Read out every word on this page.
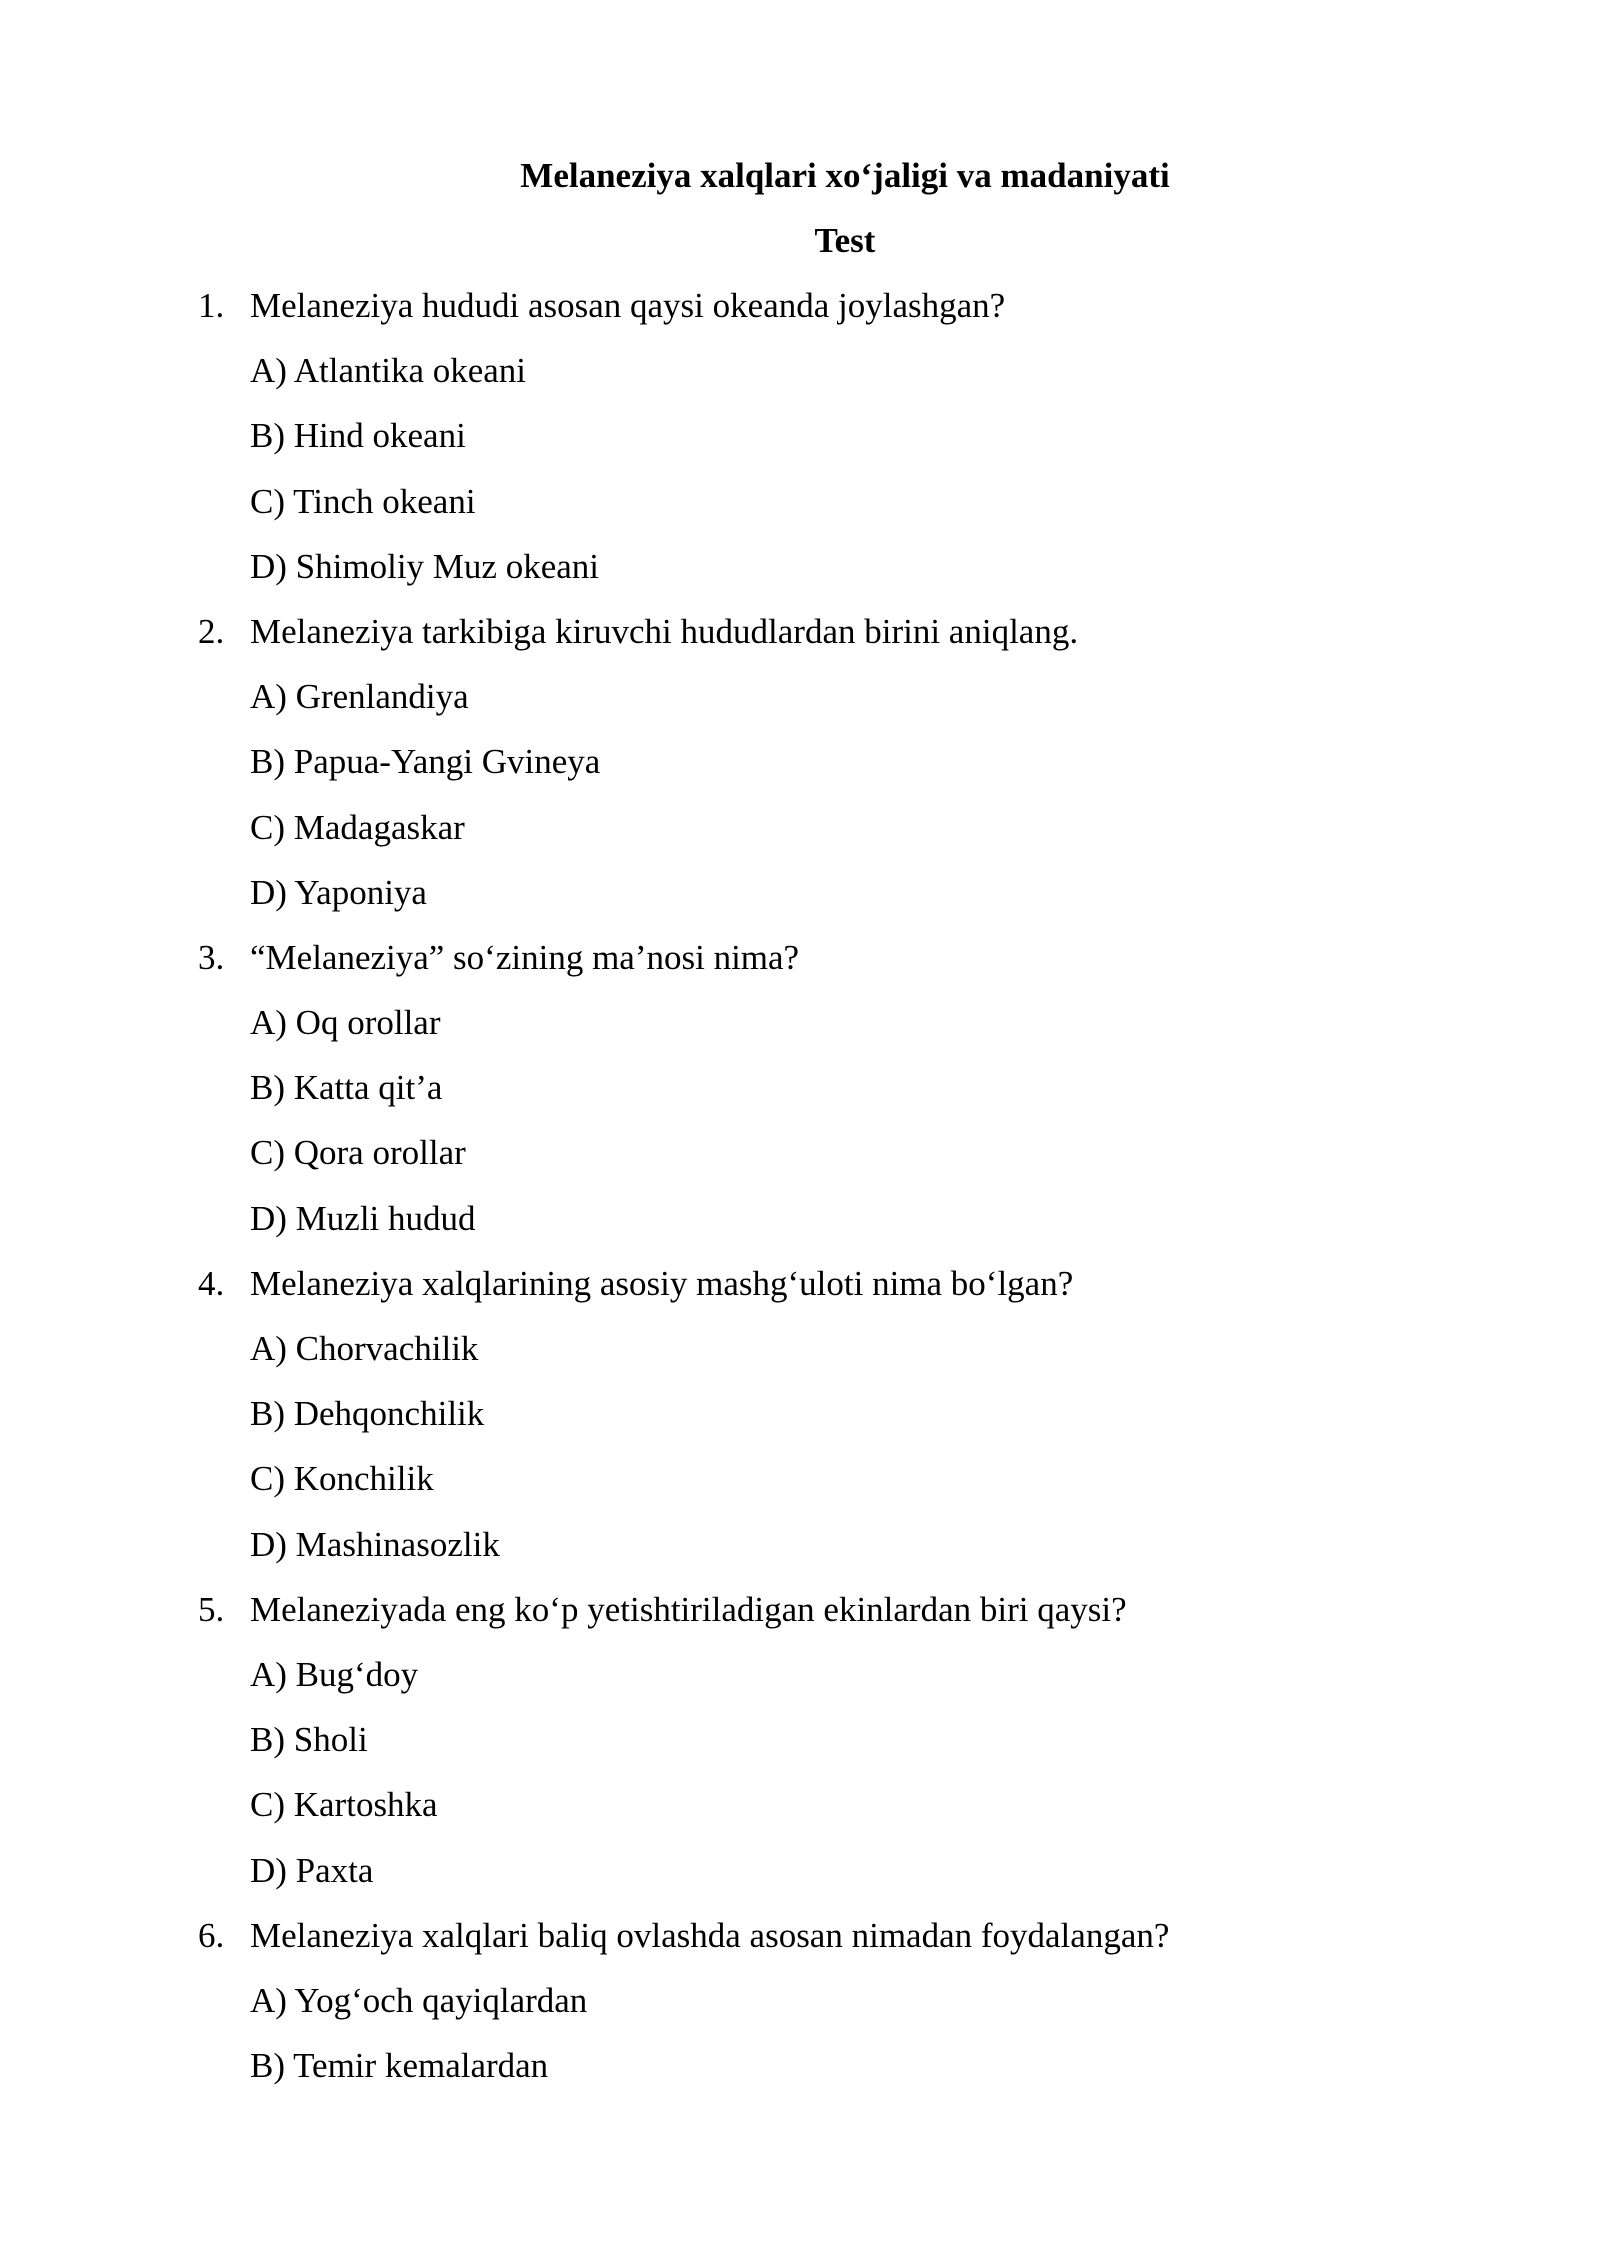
Melaneziya xalqlari xo‘jaligi va madaniyati
Test
1. Melaneziya hududi asosan qaysi okeanda joylashgan?
A) Atlantika okeani
B) Hind okeani
C) Tinch okeani
D) Shimoliy Muz okeani
2. Melaneziya tarkibiga kiruvchi hududlardan birini aniqlang.
A) Grenlandiya
B) Papua-Yangi Gvineya
C) Madagaskar
D) Yaponiya
3. “Melaneziya” so‘zining ma’nosi nima?
A) Oq orollar
B) Katta qit’a
C) Qora orollar
D) Muzli hudud
4. Melaneziya xalqlarining asosiy mashg‘uloti nima bo‘lgan?
A) Chorvachilik
B) Dehqonchilik
C) Konchilik
D) Mashinasozlik
5. Melaneziyada eng ko‘p yetishtiriladigan ekinlardan biri qaysi?
A) Bug‘doy
B) Sholi
C) Kartoshka
D) Paxta
6. Melaneziya xalqlari baliq ovlashda asosan nimadan foydalangan?
A) Yog‘och qayiqlardan
B) Temir kemalardan
